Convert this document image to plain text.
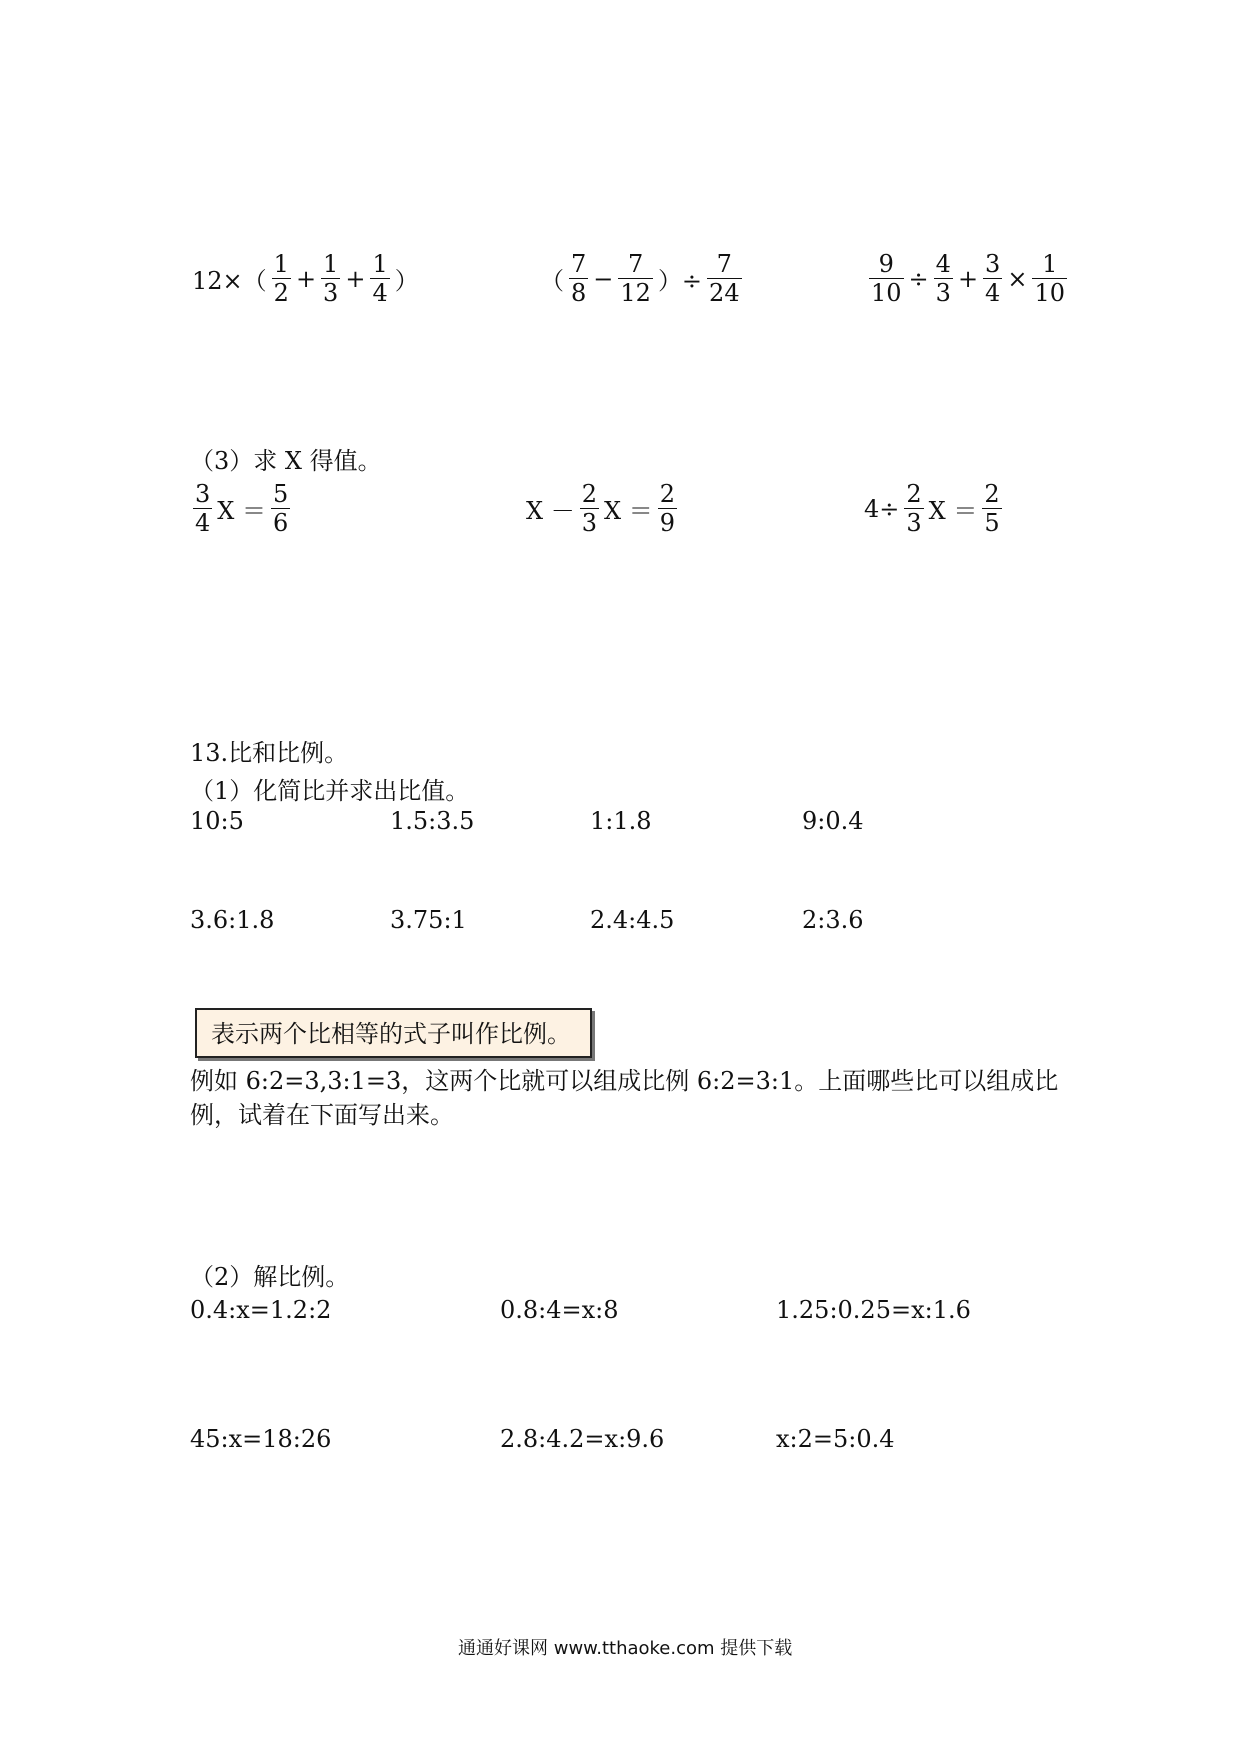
$12\times( \frac{1}{2} + \frac{1}{3} + \frac{1}{4}$ ）	（ $\frac{7}{8} - \frac{7}{12}$ ）÷ $\frac{7}{24}$	$\frac{9}{10} \div \frac{4}{3} + \frac{3}{4} \times \frac{1}{10}$
（3）求 X 得值。
$\frac{3}{4}$ $X = \frac{5}{6}$	$X - \frac{2}{3}$ $X = \frac{2}{9}$	$4\div \frac{2}{3}$ $X = \frac{2}{5}$
13.比和比例。
（1）化简比并求出比值。
10:5	1.5:3.5	1:1.8	9:0.4
3.6:1.8	3.75:1	2.4:4.5	2:3.6
表示两个比相等的式子叫作比例。
例如 6:2=3,3:1=3，这两个比就可以组成比例 6:2=3:1。上面哪些比可以组成比
例，试着在下面写出来。
（2）解比例。
0.4:x=1.2:2	0.8:4=x:8	1.25:0.25=x:1.6
45:x=18:26	2.8:4.2=x:9.6	x:2=5:0.4
通通好课网 www.tthaoke.com 提供下载
